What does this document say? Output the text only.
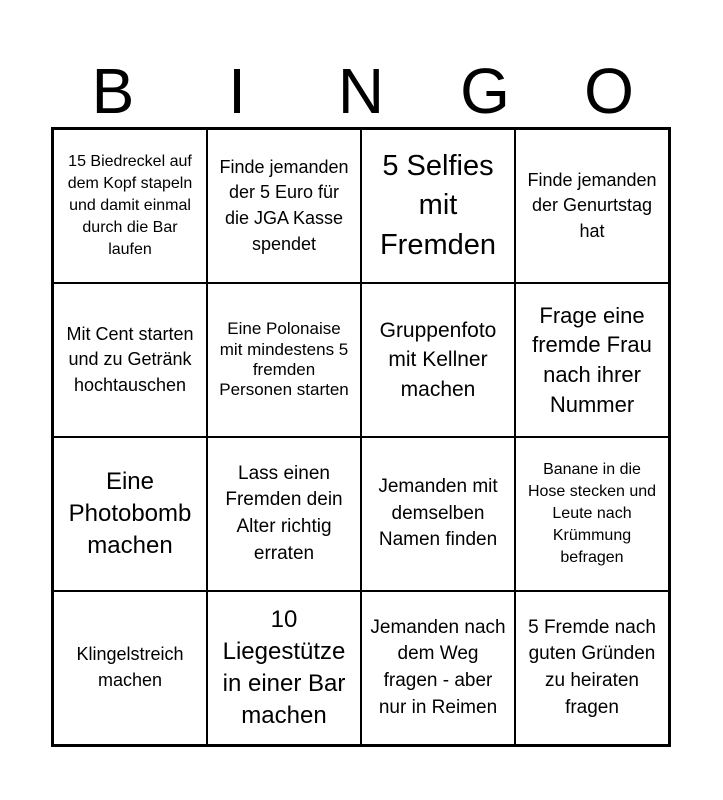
B	I	N	G	O
15 Biedreckel auf dem Kopf stapeln und damit einmal durch die Bar laufen
Finde jemanden der 5 Euro für die JGA Kasse spendet
5 Selfies mit Fremden
Finde jemanden der Genurtstag hat
Mit Cent starten und zu Getränk hochtauschen
Eine Polonaise mit mindestens 5 fremden Personen starten
Gruppenfoto mit Kellner machen
Frage eine fremde Frau nach ihrer Nummer
Eine Photobomb machen
Lass einen Fremden dein Alter richtig erraten
Jemanden mit demselben Namen finden
Banane in die Hose stecken und Leute nach Krümmung befragen
Klingelstreich machen
10 Liegestütze in einer Bar machen
Jemanden nach dem Weg fragen - aber nur in Reimen
5 Fremde nach guten Gründen zu heiraten fragen
